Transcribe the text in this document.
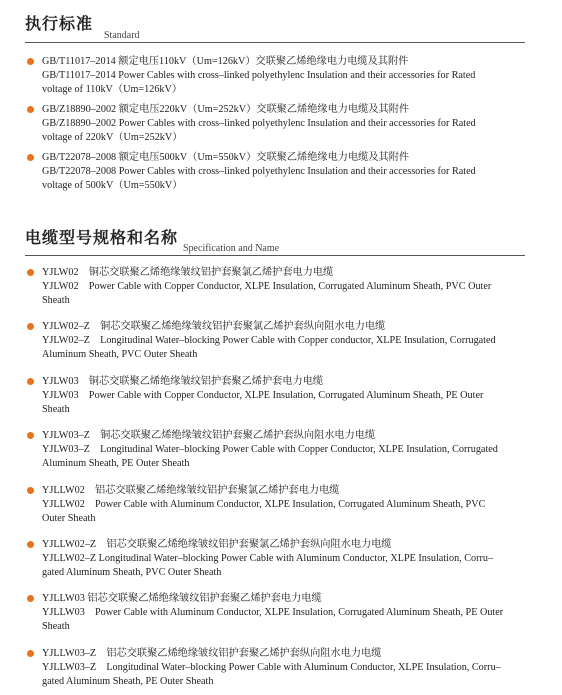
执行标准
Standard
GB/T11017–2014 额定电压110kV（Um=126kV）交联聚乙烯绝缘电力电缆及其附件
GB/T11017–2014 Power Cables with cross–linked polyethylenc Insulation and their accessories for Rated
voltage of 110kV（Um=126kV）
GB/Z18890–2002 额定电压220kV（Um=252kV）交联聚乙烯绝缘电力电缆及其附件
GB/Z18890–2002 Power Cables with cross–linked polyethylenc Insulation and their accessories for Rated
voltage of 220kV（Um=252kV）
GB/T22078–2008 额定电压500kV（Um=550kV）交联聚乙烯绝缘电力电缆及其附件
GB/T22078–2008 Power Cables with cross–linked polyethylenc Insulation and their accessories for Rated
voltage of 500kV（Um=550kV）
电缆型号规格和名称
Specification and Name
YJLW02　铜芯交联聚乙烯绝缘皱纹铝护套聚氯乙烯护套电力电缆
YJLW02　Power Cable with Copper Conductor, XLPE Insulation, Corrugated Aluminum Sheath, PVC Outer
Sheath
YJLW02–Z　铜芯交联聚乙烯绝缘皱纹铝护套聚氯乙烯护套纵向阻水电力电缆
YJLW02–Z　Longitudinal Water–blocking Power Cable with Copper conductor, XLPE Insulation, Corrugated
Aluminum Sheath, PVC Outer Sheath
YJLW03　铜芯交联聚乙烯绝缘皱纹铝护套聚乙烯护套电力电缆
YJLW03　Power Cable with Copper Conductor, XLPE Insulation, Corrugated Aluminum Sheath, PE Outer
Sheath
YJLW03–Z　铜芯交联聚乙烯绝缘皱纹铝护套聚乙烯护套纵向阻水电力电缆
YJLW03–Z　Longitudinal Water–blocking Power Cable with Copper Conductor, XLPE Insulation, Corrugated
Aluminum Sheath, PE Outer Sheath
YJLLW02　铝芯交联聚乙烯绝缘皱纹铝护套聚氯乙烯护套电力电缆
YJLLW02　Power Cable with Aluminum Conductor, XLPE Insulation, Corrugated Aluminum Sheath, PVC
Outer Sheath
YJLLW02–Z　铝芯交联聚乙烯绝缘皱纹铝护套聚氯乙烯护套纵向阻水电力电缆
YJLLW02–Z Longitudinal Water–blocking Power Cable with Aluminum Conductor, XLPE Insulation, Corru–
gated Aluminum Sheath, PVC Outer Sheath
YJLLW03 铝芯交联聚乙烯绝缘皱纹铝护套聚乙烯护套电力电缆
YJLLW03　Power Cable with Aluminum Conductor, XLPE Insulation, Corrugated Aluminum Sheath, PE Outer
Sheath
YJLLW03–Z　铝芯交联聚乙烯绝缘皱纹铝护套聚乙烯护套纵向阻水电力电缆
YJLLW03–Z　Longitudinal Water–blocking Power Cable with Aluminum Conductor, XLPE Insulation, Corru–
gated Aluminum Sheath, PE Outer Sheath
